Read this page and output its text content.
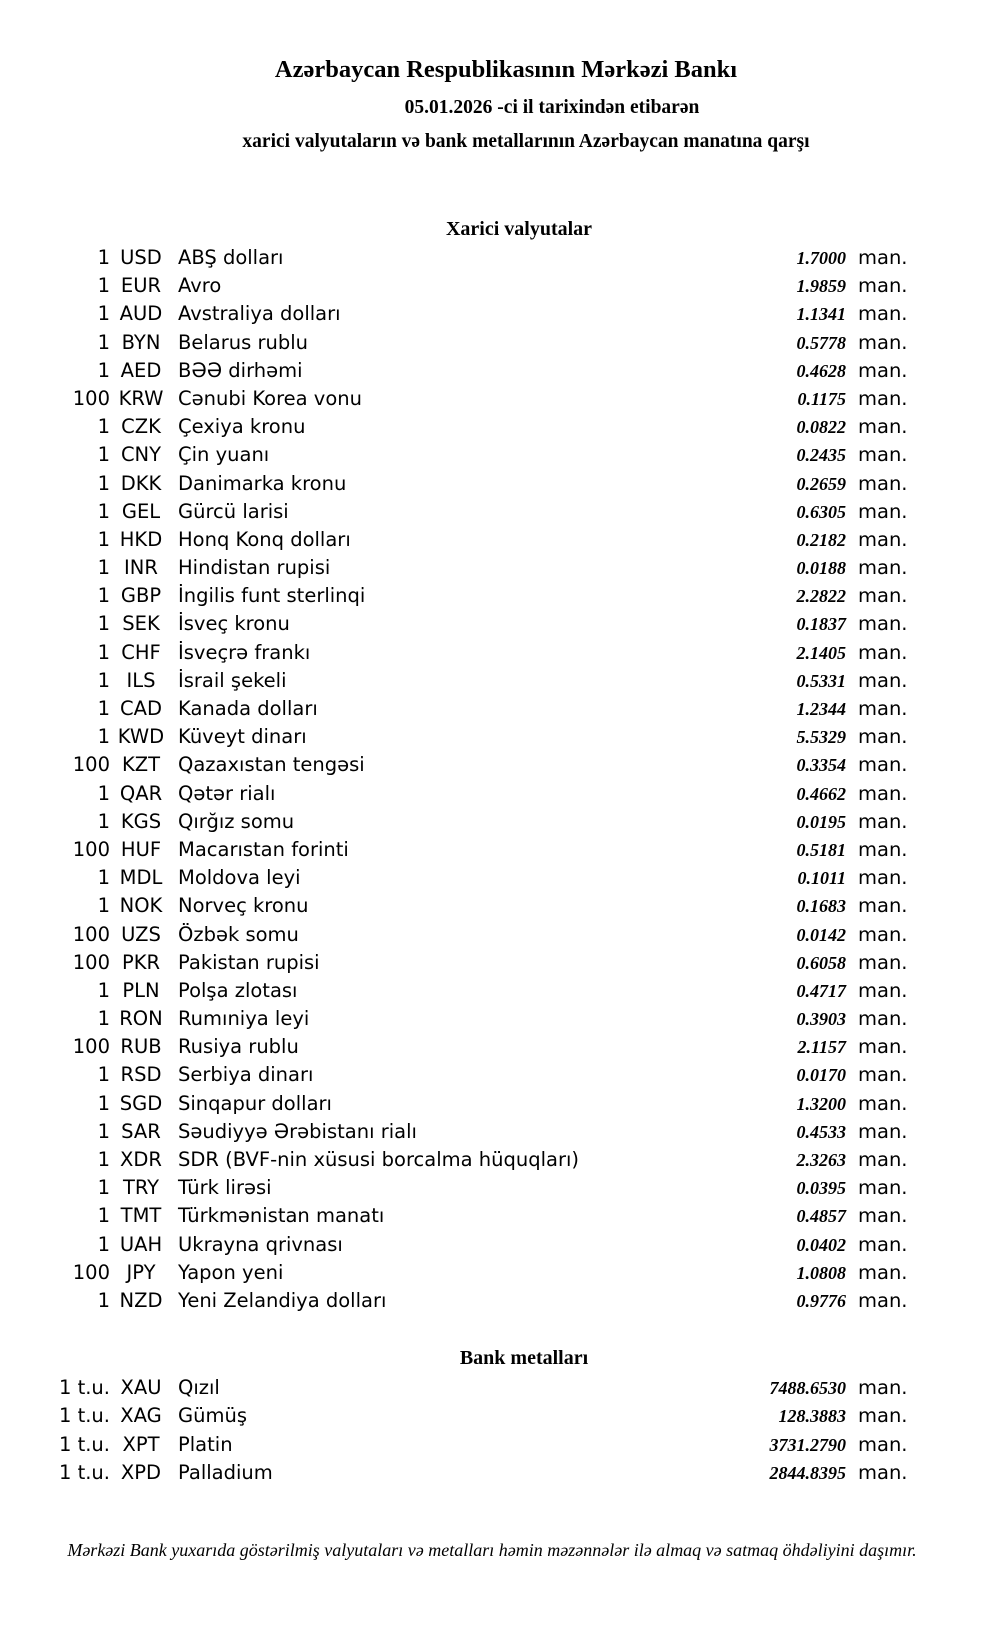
Azərbaycan Respublikasının Mərkəzi Bankı
05.01.2026 -ci il tarixindən etibarən
xarici valyutaların və bank metallarının Azərbaycan manatına qarşı
Xarici valyutalar
1 USD ABŞ dolları	1.7000 man.
1 EUR Avro	1.9859 man.
1 AUD Avstraliya dolları	1.1341 man.
1 BYN Belarus rublu	0.5778 man.
1 AED BƏƏ dirhəmi	0.4628 man.
100 KRW Cənubi Korea vonu	0.1175 man.
1 CZK Çexiya kronu	0.0822 man.
1 CNY Çin yuanı	0.2435 man.
1 DKK Danimarka kronu	0.2659 man.
1 GEL Gürcü larisi	0.6305 man.
1 HKD Honq Konq dolları	0.2182 man.
1 INR	Hindistan rupisi	0.0188 man.
1 GBP İngilis funt sterlinqi	2.2822 man.
1 SEK İsveç kronu	0.1837 man.
1 CHF İsveçrə frankı	2.1405 man.
1 ILS	İsrail şekeli	0.5331 man.
1 CAD Kanada dolları	1.2344 man.
1 KWD Küveyt dinarı	5.5329 man.
100 KZT Qazaxıstan tengəsi	0.3354 man.
1 QAR Qətər rialı	0.4662 man.
1 KGS Qırğız somu	0.0195 man.
100 HUF Macarıstan forinti	0.5181 man.
1 MDL Moldova leyi	0.1011 man.
1 NOK Norveç kronu	0.1683 man.
100 UZS Özbək somu	0.0142 man.
100 PKR Pakistan rupisi	0.6058 man.
1 PLN Polşa zlotası	0.4717 man.
1 RON Rumıniya leyi	0.3903 man.
100 RUB Rusiya rublu	2.1157 man.
1 RSD Serbiya dinarı	0.0170 man.
1 SGD Sinqapur dolları	1.3200 man.
1 SAR Səudiyyə Ərəbistanı rialı	0.4533 man.
1 XDR SDR (BVF-nin xüsusi borcalma hüquqları)	2.3263 man.
1 TRY Türk lirəsi	0.0395 man.
1 TMT Türkmənistan manatı	0.4857 man.
1 UAH Ukrayna qrivnası	0.0402 man.
100 JPY	Yapon yeni	1.0808 man.
1 NZD Yeni Zelandiya dolları	0.9776 man.
Bank metalları
1 t.u. XAU Qızıl	7488.6530 man.
1 t.u. XAG Gümüş	128.3883 man.
1 t.u. XPT Platin	3731.2790 man.
1 t.u. XPD Palladium	2844.8395 man.
Mərkəzi Bank yuxarıda göstərilmiş valyutaları və metalları həmin məzənnələr ilə almaq və satmaq öhdəliyini daşımır.
